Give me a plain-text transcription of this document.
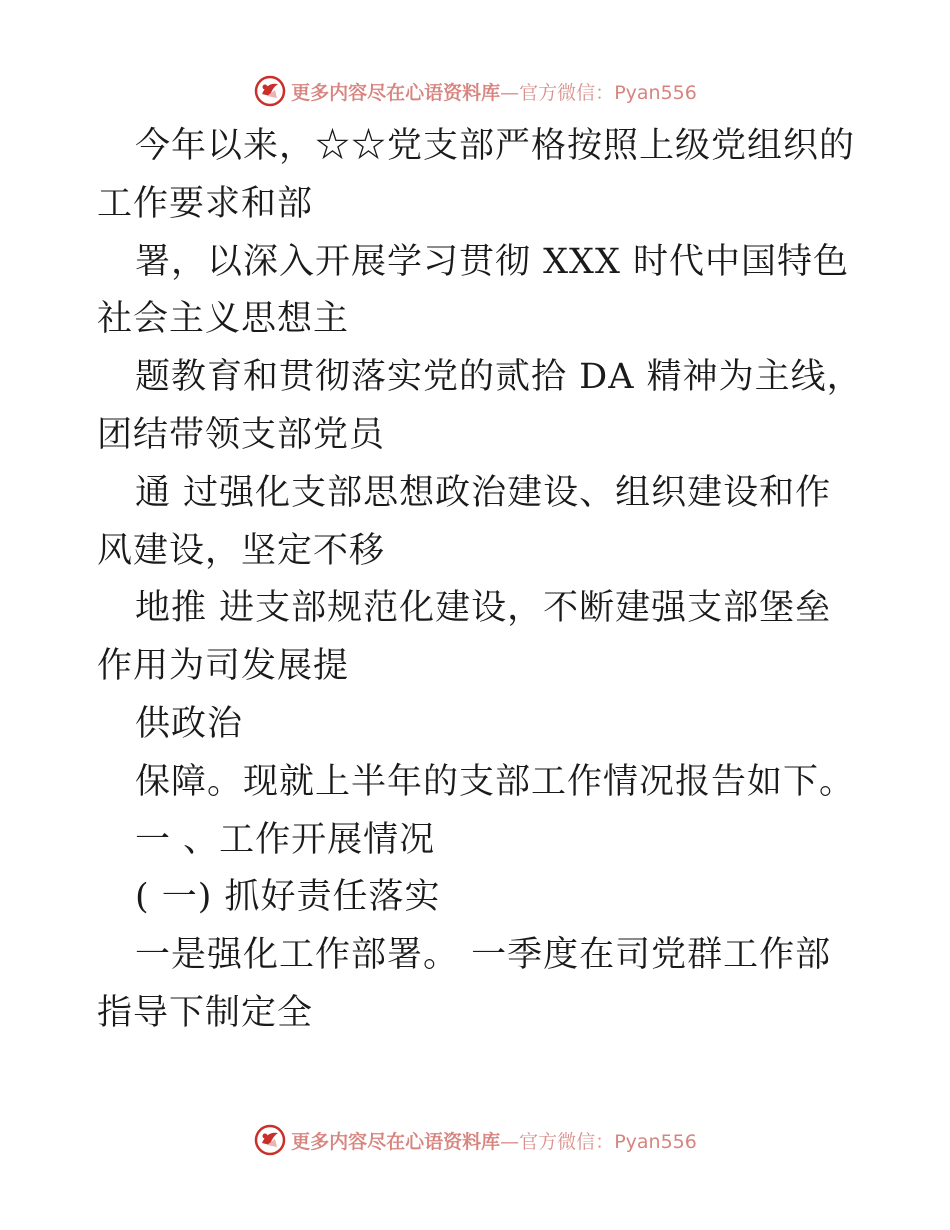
更多内容尽在心语资料库—官方微信：Pyan556

今年以来，☆☆党支部严格按照上级党组织的工作要求和部

署，以深入开展学习贯彻 XXX 时代中国特色社会主义思想主

题教育和贯彻落实党的贰拾 DA 精神为主线，团结带领支部党员

通 过强化支部思想政治建设、组织建设和作风建设，坚定不移

地推 进支部规范化建设，不断建强支部堡垒作用为司发展提

供政治

保障。现就上半年的支部工作情况报告如下。

一 、工作开展情况

( 一) 抓好责任落实

一是强化工作部署。 一季度在司党群工作部指导下制定全

更多内容尽在心语资料库—官方微信：Pyan556
